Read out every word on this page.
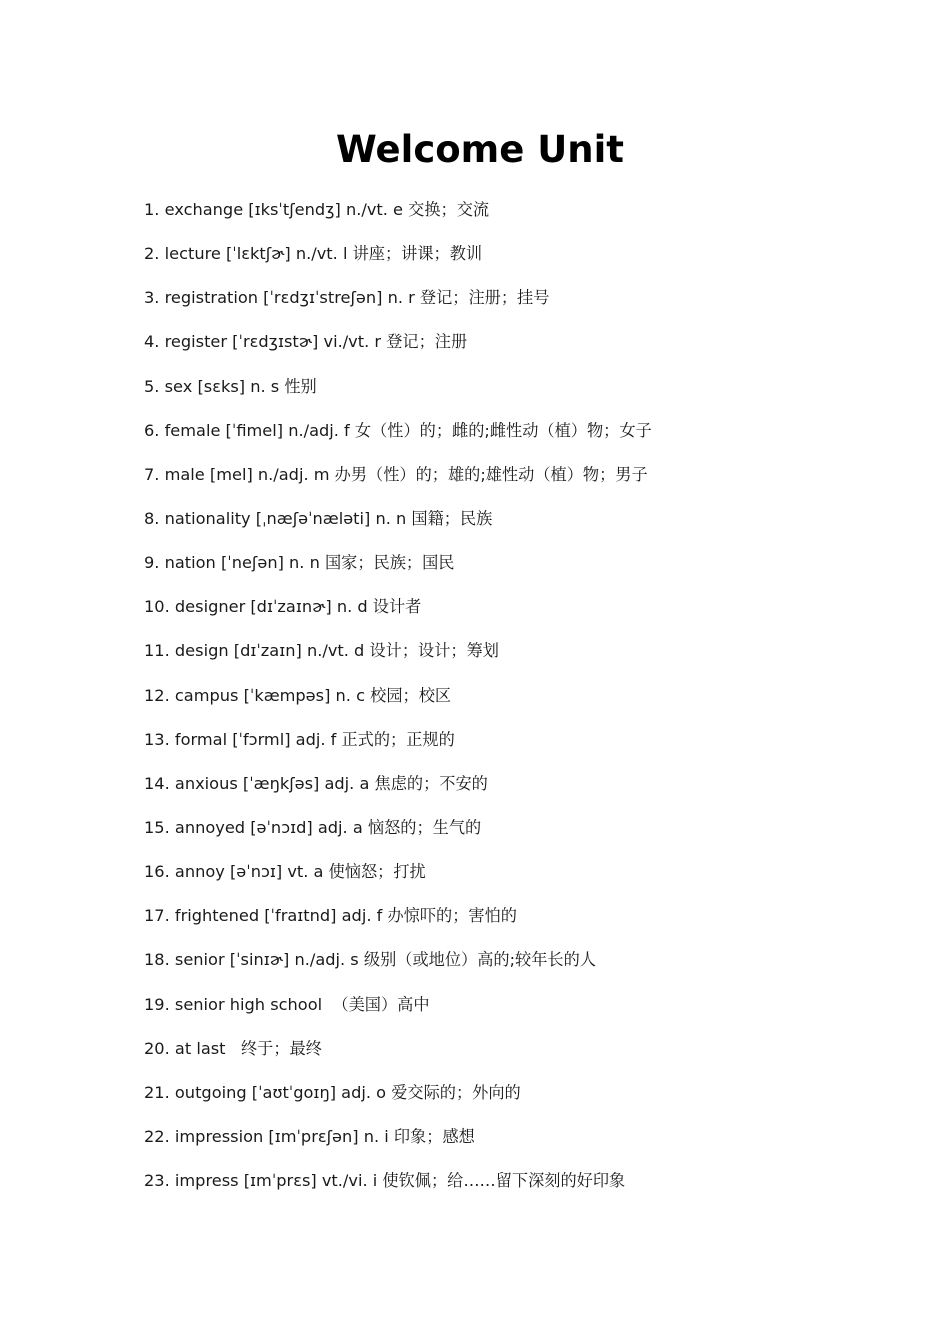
Welcome Unit
1. exchange [ɪksˈtʃendʒ] n./vt. e 交换；交流
2. lecture [ˈlɛktʃɚ] n./vt. l 讲座；讲课；教训
3. registration [ˈrɛdʒɪˈstreʃən] n. r 登记；注册；挂号
4. register [ˈrɛdʒɪstɚ] vi./vt. r 登记；注册
5. sex [sɛks] n. s 性别
6. female [ˈfimel] n./adj. f 女（性）的；雌的;雌性动（植）物；女子
7. male [mel] n./adj. m 办男（性）的；雄的;雄性动（植）物；男子
8. nationality [ˌnæʃəˈnæləti] n. n 国籍；民族
9. nation [ˈneʃən] n. n 国家；民族；国民
10. designer [dɪˈzaɪnɚ] n. d 设计者
11. design [dɪˈzaɪn] n./vt. d 设计；设计；筹划
12. campus [ˈkæmpəs] n. c 校园；校区
13. formal [ˈfɔrml] adj. f 正式的；正规的
14. anxious [ˈæŋkʃəs] adj. a 焦虑的；不安的
15. annoyed [əˈnɔɪd] adj. a 恼怒的；生气的
16. annoy [əˈnɔɪ] vt. a 使恼怒；打扰
17. frightened [ˈfraɪtnd] adj. f 办惊吓的；害怕的
18. senior [ˈsinɪɚ] n./adj. s 级别（或地位）高的;较年长的人
19. senior high school  （美国）高中
20. at last   终于；最终
21. outgoing [ˈaʊtˈgoɪŋ] adj. o 爱交际的；外向的
22. impression [ɪmˈprɛʃən] n. i 印象；感想
23. impress [ɪmˈprɛs] vt./vi. i 使钦佩；给……留下深刻的好印象
